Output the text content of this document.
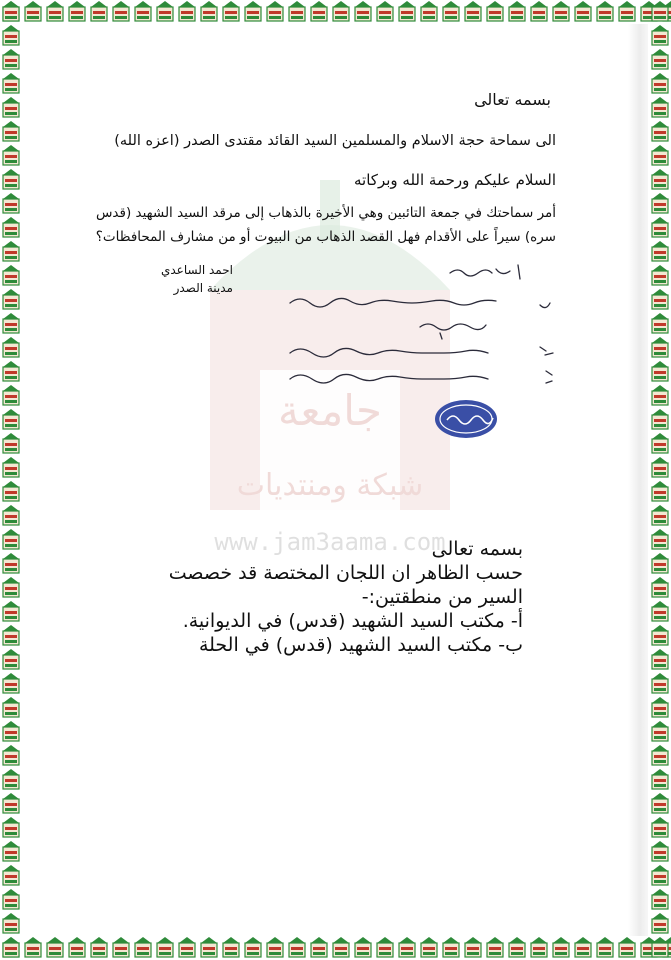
جامعة
شبكة ومنتديات
www.jam3aama.com
بسمه تعالى
الى سماحة حجة الاسلام والمسلمين السيد القائد مقتدى الصدر (اعزه الله)
السلام عليكم ورحمة الله وبركاته
أمر سماحتك في جمعة التائبين وهي الأخيرة بالذهاب إلى مرقد السيد الشهيد (قدس
سره) سيراً على الأقدام فهل القصد الذهاب من البيوت أو من مشارف المحافظات؟
احمد الساعدي
مدينة الصدر
بسمه تعالى
حسب الظاهر ان اللجان المختصة قد خصصت
السير من منطقتين:-
أ- مكتب السيد الشهيد (قدس) في الديوانية.
ب- مكتب السيد الشهيد (قدس) في الحلة
